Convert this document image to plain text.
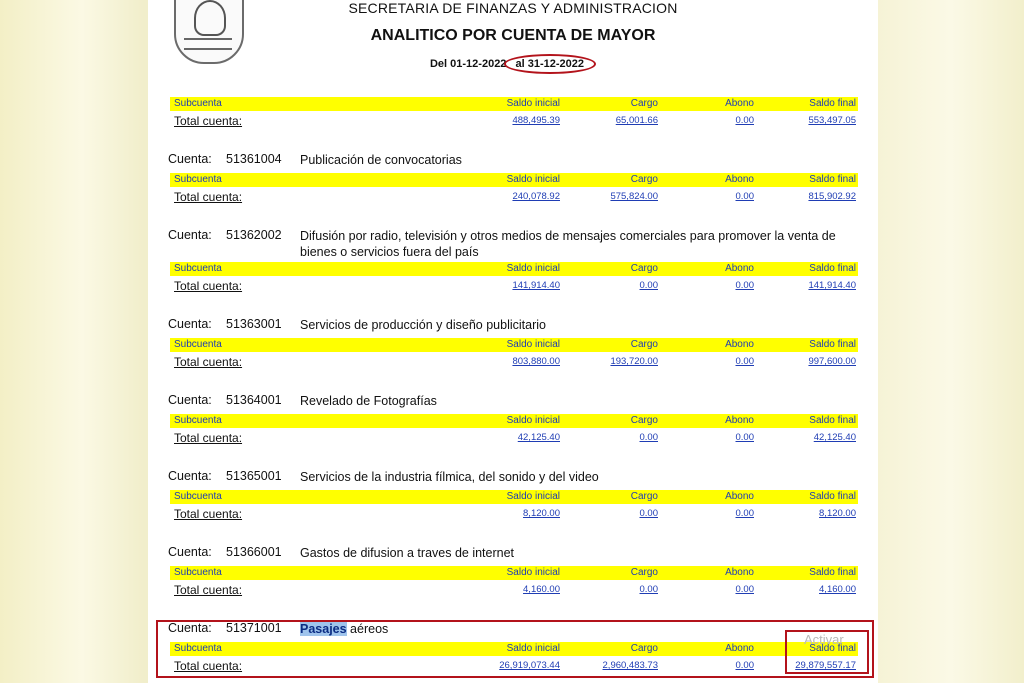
SECRETARIA DE FINANZAS Y ADMINISTRACION
ANALITICO POR CUENTA DE MAYOR
Del 01-12-2022 al 31-12-2022
Subcuenta	Saldo inicial	Cargo	Abono	Saldo final
Total cuenta:	488,495.39	65,001.66	0.00	553,497.05
Cuenta: 51361004 Publicación de convocatorias
Subcuenta	Saldo inicial	Cargo	Abono	Saldo final
Total cuenta:	240,078.92	575,824.00	0.00	815,902.92
Cuenta: 51362002 Difusión por radio, televisión y otros medios de mensajes comerciales para promover la venta de bienes o servicios fuera del país
Subcuenta	Saldo inicial	Cargo	Abono	Saldo final
Total cuenta:	141,914.40	0.00	0.00	141,914.40
Cuenta: 51363001 Servicios de producción y diseño publicitario
Subcuenta	Saldo inicial	Cargo	Abono	Saldo final
Total cuenta:	803,880.00	193,720.00	0.00	997,600.00
Cuenta: 51364001 Revelado de Fotografías
Subcuenta	Saldo inicial	Cargo	Abono	Saldo final
Total cuenta:	42,125.40	0.00	0.00	42,125.40
Cuenta: 51365001 Servicios de la industria fílmica, del sonido y del video
Subcuenta	Saldo inicial	Cargo	Abono	Saldo final
Total cuenta:	8,120.00	0.00	0.00	8,120.00
Cuenta: 51366001 Gastos de difusion a traves de internet
Subcuenta	Saldo inicial	Cargo	Abono	Saldo final
Total cuenta:	4,160.00	0.00	0.00	4,160.00
Cuenta: 51371001 Pasajes aéreos
Subcuenta	Saldo inicial	Cargo	Abono	Saldo final
Total cuenta:	26,919,073.44	2,960,483.73	0.00	29,879,557.17
Activar
